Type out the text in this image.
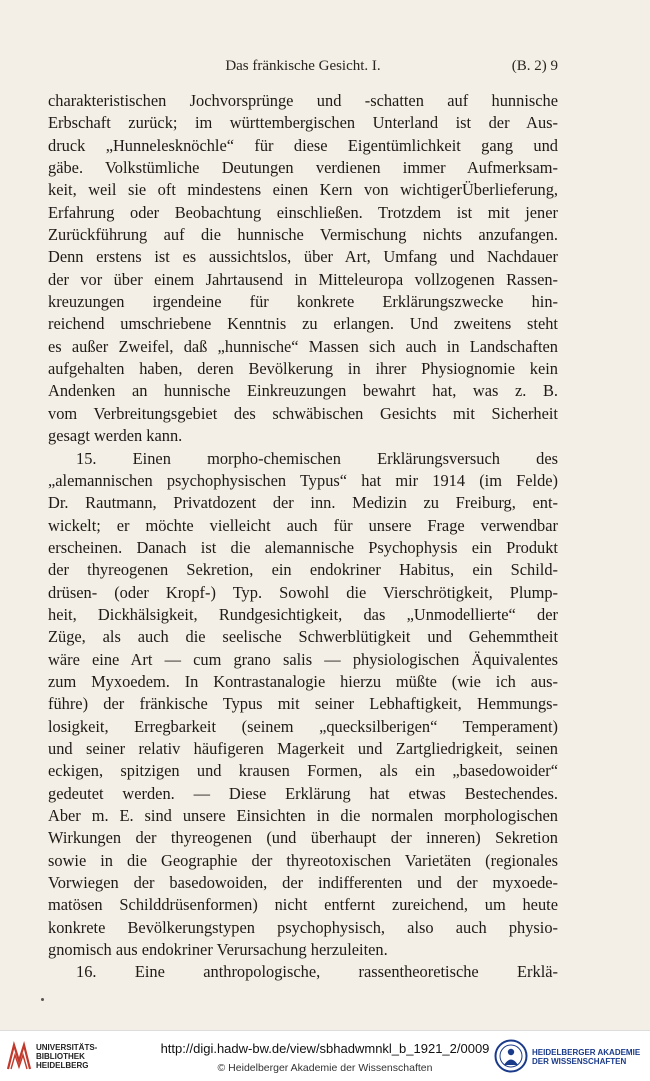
Das fränkische Gesicht. I.	(B. 2) 9
charakteristischen Jochvorsprünge und -schatten auf hunnische
Erbschaft zurück; im württembergischen Unterland ist der Aus-
druck „Hunnelesknöchle“ für diese Eigentümlichkeit gang und
gäbe. Volkstümliche Deutungen verdienen immer Aufmerksam-
keit, weil sie oft mindestens einen Kern von wichtigerÜberlieferung,
Erfahrung oder Beobachtung einschließen. Trotzdem ist mit jener
Zurückführung auf die hunnische Vermischung nichts anzufangen.
Denn erstens ist es aussichtslos, über Art, Umfang und Nachdauer
der vor über einem Jahrtausend in Mitteleuropa vollzogenen Rassen-
kreuzungen irgendeine für konkrete Erklärungszwecke hin-
reichend umschriebene Kenntnis zu erlangen. Und zweitens steht
es außer Zweifel, daß „hunnische“ Massen sich auch in Landschaften
aufgehalten haben, deren Bevölkerung in ihrer Physiognomie kein
Andenken an hunnische Einkreuzungen bewahrt hat, was z. B.
vom Verbreitungsgebiet des schwäbischen Gesichts mit Sicherheit
gesagt werden kann.
15. Einen morpho-chemischen Erklärungsversuch des
„alemannischen psychophysischen Typus“ hat mir 1914 (im Felde)
Dr. Rautmann, Privatdozent der inn. Medizin zu Freiburg, ent-
wickelt; er möchte vielleicht auch für unsere Frage verwendbar
erscheinen. Danach ist die alemannische Psychophysis ein Produkt
der thyreogenen Sekretion, ein endokriner Habitus, ein Schild-
drüsen- (oder Kropf-) Typ. Sowohl die Vierschrötigkeit, Plump-
heit, Dickhälsigkeit, Rundgesichtigkeit, das „Unmodellierte“ der
Züge, als auch die seelische Schwerblütigkeit und Gehemmtheit
wäre eine Art — cum grano salis — physiologischen Äquivalentes
zum Myxoedem. In Kontrastanalogie hierzu müßte (wie ich aus-
führe) der fränkische Typus mit seiner Lebhaftigkeit, Hemmungs-
losigkeit, Erregbarkeit (seinem „quecksilberigen“ Temperament)
und seiner relativ häufigeren Magerkeit und Zartgliedrigkeit, seinen
eckigen, spitzigen und krausen Formen, als ein „basedowoider“
gedeutet werden. — Diese Erklärung hat etwas Bestechendes.
Aber m. E. sind unsere Einsichten in die normalen morphologischen
Wirkungen der thyreogenen (und überhaupt der inneren) Sekretion
sowie in die Geographie der thyreotoxischen Varietäten (regionales
Vorwiegen der basedowoiden, der indifferenten und der myxoede-
matösen Schilddrüsenformen) nicht entfernt zureichend, um heute
konkrete Bevölkerungstypen psychophysisch, also auch physio-
gnomisch aus endokriner Verursachung herzuleiten.
16. Eine anthropologische, rassentheoretische Erklä-
UNIVERSITÄTS-
BIBLIOTHEK
HEIDELBERG
http://digi.hadw-bw.de/view/sbhadwmnkl_b_1921_2/0009
© Heidelberger Akademie der Wissenschaften
HEIDELBERGER AKADEMIE
DER WISSENSCHAFTEN
